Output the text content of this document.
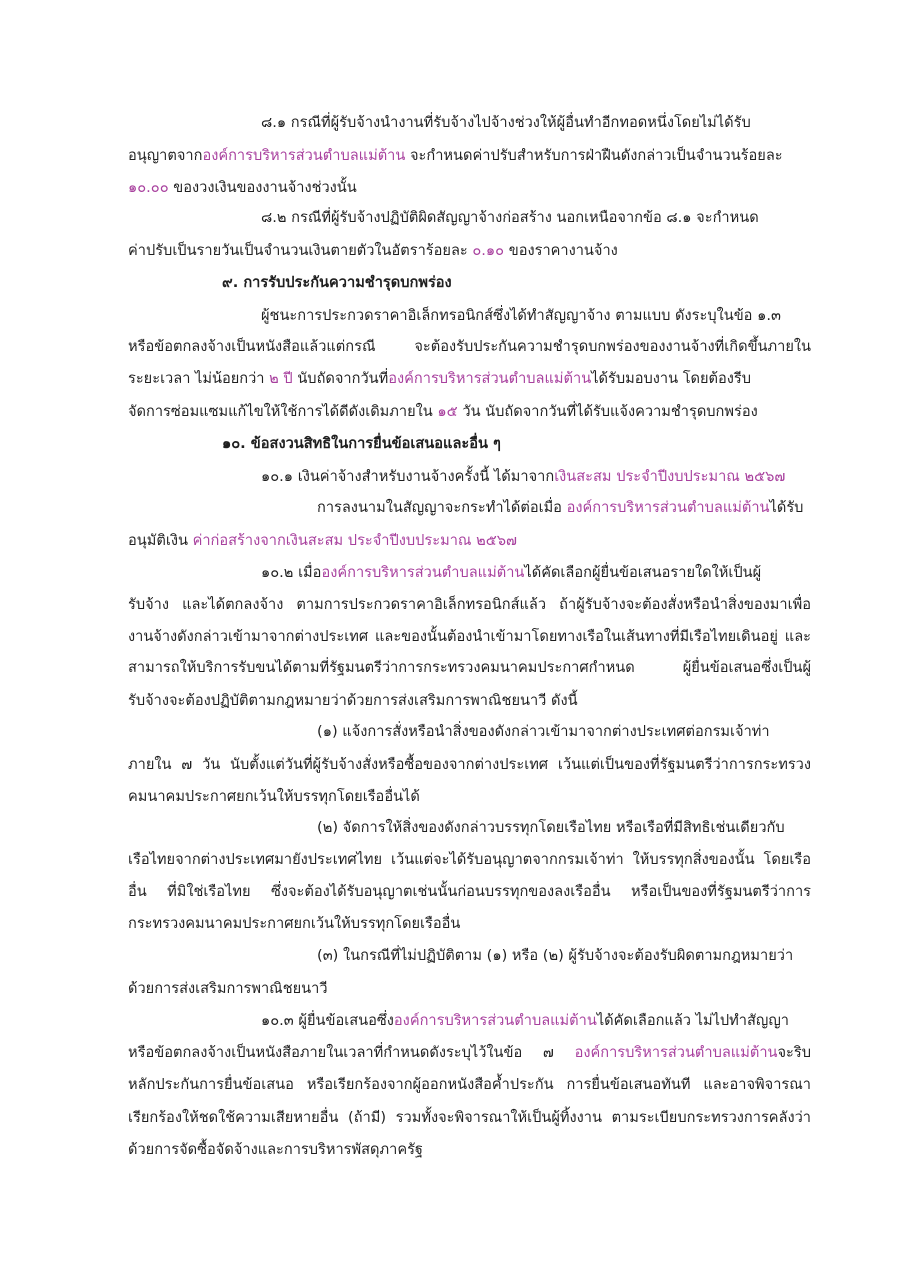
๘.๑ กรณีที่ผู้รับจ้างนำงานที่รับจ้างไปจ้างช่วงให้ผู้อื่นทำอีกทอดหนึ่งโดยไม่ได้รับ

อนุญาตจากองค์การบริหารส่วนตำบลแม่ต้าน จะกำหนดค่าปรับสำหรับการฝ่าฝืนดังกล่าวเป็นจำนวนร้อยละ

๑๐.๐๐ ของวงเงินของงานจ้างช่วงนั้น

๘.๒ กรณีที่ผู้รับจ้างปฏิบัติผิดสัญญาจ้างก่อสร้าง นอกเหนือจากข้อ ๘.๑ จะกำหนด

ค่าปรับเป็นรายวันเป็นจำนวนเงินตายตัวในอัตราร้อยละ ๐.๑๐ ของราคางานจ้าง

๙. การรับประกันความชำรุดบกพร่อง

ผู้ชนะการประกวดราคาอิเล็กทรอนิกส์ซึ่งได้ทำสัญญาจ้าง ตามแบบ ดังระบุในข้อ ๑.๓

หรือข้อตกลงจ้างเป็นหนังสือแล้วแต่กรณี จะต้องรับประกันความชำรุดบกพร่องของงานจ้างที่เกิดขึ้นภายใน

ระยะเวลา ไม่น้อยกว่า ๒ ปี นับถัดจากวันที่องค์การบริหารส่วนตำบลแม่ต้านได้รับมอบงาน โดยต้องรีบ

จัดการซ่อมแซมแก้ไขให้ใช้การได้ดีดังเดิมภายใน ๑๕ วัน นับถัดจากวันที่ได้รับแจ้งความชำรุดบกพร่อง

๑๐. ข้อสงวนสิทธิในการยื่นข้อเสนอและอื่น ๆ

๑๐.๑ เงินค่าจ้างสำหรับงานจ้างครั้งนี้ ได้มาจากเงินสะสม ประจำปีงบประมาณ ๒๕๖๗

การลงนามในสัญญาจะกระทำได้ต่อเมื่อ องค์การบริหารส่วนตำบลแม่ต้านได้รับ

อนุมัติเงิน ค่าก่อสร้างจากเงินสะสม ประจำปีงบประมาณ ๒๕๖๗

๑๐.๒ เมื่อองค์การบริหารส่วนตำบลแม่ต้านได้คัดเลือกผู้ยื่นข้อเสนอรายใดให้เป็นผู้

รับจ้าง และได้ตกลงจ้าง ตามการประกวดราคาอิเล็กทรอนิกส์แล้ว ถ้าผู้รับจ้างจะต้องสั่งหรือนำสิ่งของมาเพื่อ

งานจ้างดังกล่าวเข้ามาจากต่างประเทศ และของนั้นต้องนำเข้ามาโดยทางเรือในเส้นทางที่มีเรือไทยเดินอยู่ และ

สามารถให้บริการรับขนได้ตามที่รัฐมนตรีว่าการกระทรวงคมนาคมประกาศกำหนด ผู้ยื่นข้อเสนอซึ่งเป็นผู้

รับจ้างจะต้องปฏิบัติตามกฎหมายว่าด้วยการส่งเสริมการพาณิชยนาวี ดังนี้

(๑) แจ้งการสั่งหรือนำสิ่งของดังกล่าวเข้ามาจากต่างประเทศต่อกรมเจ้าท่า

ภายใน ๗ วัน นับตั้งแต่วันที่ผู้รับจ้างสั่งหรือซื้อของจากต่างประเทศ เว้นแต่เป็นของที่รัฐมนตรีว่าการกระทรวง

คมนาคมประกาศยกเว้นให้บรรทุกโดยเรืออื่นได้

(๒) จัดการให้สิ่งของดังกล่าวบรรทุกโดยเรือไทย หรือเรือที่มีสิทธิเช่นเดียวกับ

เรือไทยจากต่างประเทศมายังประเทศไทย เว้นแต่จะได้รับอนุญาตจากกรมเจ้าท่า ให้บรรทุกสิ่งของนั้น โดยเรือ

อื่น ที่มิใช่เรือไทย ซึ่งจะต้องได้รับอนุญาตเช่นนั้นก่อนบรรทุกของลงเรืออื่น หรือเป็นของที่รัฐมนตรีว่าการ

กระทรวงคมนาคมประกาศยกเว้นให้บรรทุกโดยเรืออื่น

(๓) ในกรณีที่ไม่ปฏิบัติตาม (๑) หรือ (๒) ผู้รับจ้างจะต้องรับผิดตามกฎหมายว่า

ด้วยการส่งเสริมการพาณิชยนาวี

๑๐.๓ ผู้ยื่นข้อเสนอซึ่งองค์การบริหารส่วนตำบลแม่ต้านได้คัดเลือกแล้ว ไม่ไปทำสัญญา

หรือข้อตกลงจ้างเป็นหนังสือภายในเวลาที่กำหนดดังระบุไว้ในข้อ ๗ องค์การบริหารส่วนตำบลแม่ต้านจะริบ

หลักประกันการยื่นข้อเสนอ หรือเรียกร้องจากผู้ออกหนังสือค้ำประกัน การยื่นข้อเสนอทันที และอาจพิจารณา

เรียกร้องให้ชดใช้ความเสียหายอื่น (ถ้ามี) รวมทั้งจะพิจารณาให้เป็นผู้ทิ้งงาน ตามระเบียบกระทรวงการคลังว่า

ด้วยการจัดซื้อจัดจ้างและการบริหารพัสดุภาครัฐ
